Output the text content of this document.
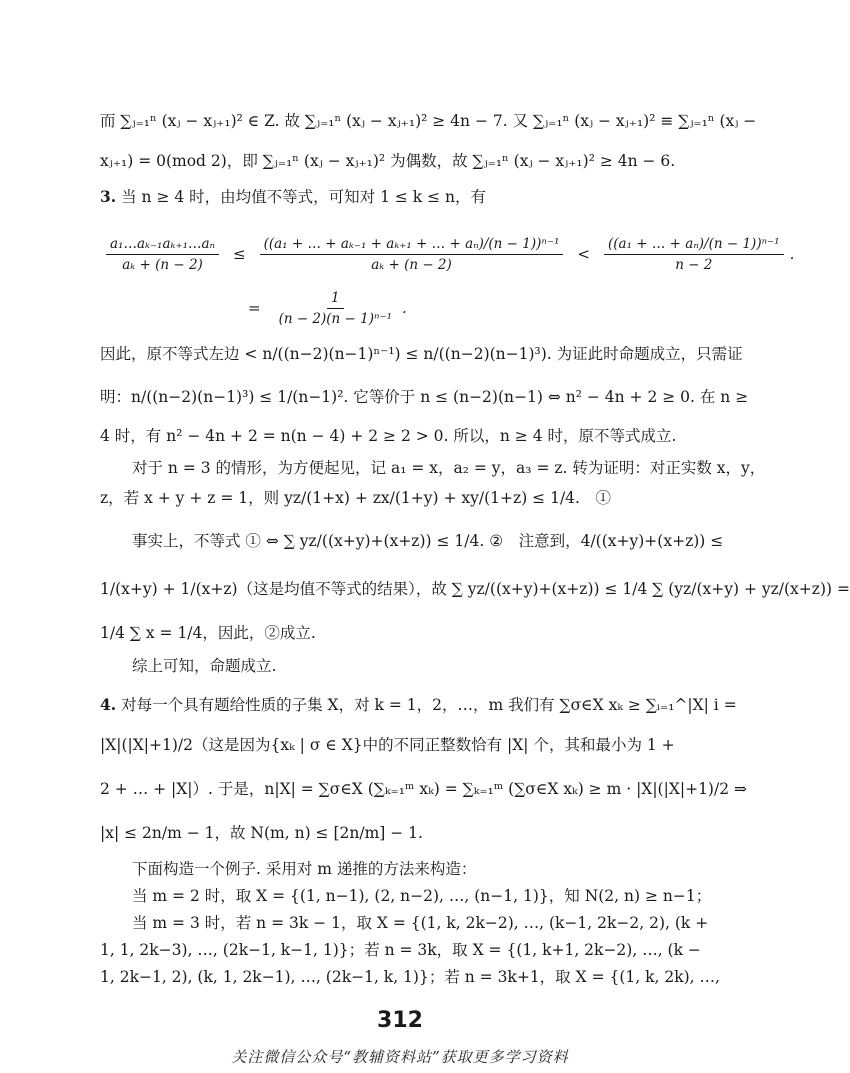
而 ∑ⱼ₌₁ⁿ (xⱼ − xⱼ₊₁)² ∈ Z. 故 ∑ⱼ₌₁ⁿ (xⱼ − xⱼ₊₁)² ≥ 4n − 7. 又 ∑ⱼ₌₁ⁿ (xⱼ − xⱼ₊₁)² ≡ ∑ⱼ₌₁ⁿ (xⱼ −
xⱼ₊₁) = 0(mod 2)，即 ∑ⱼ₌₁ⁿ (xⱼ − xⱼ₊₁)² 为偶数，故 ∑ⱼ₌₁ⁿ (xⱼ − xⱼ₊₁)² ≥ 4n − 6.
3. 当 n ≥ 4 时，由均值不等式，可知对 1 ≤ k ≤ n，有
$\frac{\text{a₁…aₖ₋₁aₖ₊₁…aₙ}}{\text{aₖ + (n − 2)}} \le \frac{\text{((a₁ + … + aₖ₋₁ + aₖ₊₁ + … + aₙ)/(n − 1))ⁿ⁻¹}}{\text{aₖ + (n − 2)}} < \frac{\text{((a₁ + … + aₙ)/(n − 1))ⁿ⁻¹}}{n - 2}$ .
= $\frac{1}{\text{(n − 2)(n − 1)ⁿ⁻¹}}$ .
因此，原不等式左边 < n/((n−2)(n−1)ⁿ⁻¹) ≤ n/((n−2)(n−1)³). 为证此时命题成立，只需证
明：n/((n−2)(n−1)³) ≤ 1/(n−1)². 它等价于 n ≤ (n−2)(n−1) ⇔ n² − 4n + 2 ≥ 0. 在 n ≥
4 时，有 n² − 4n + 2 = n(n − 4) + 2 ≥ 2 > 0. 所以，n ≥ 4 时，原不等式成立.
对于 n = 3 的情形，为方便起见，记 a₁ = x，a₂ = y，a₃ = z. 转为证明：对正实数 x，y，
z，若 x + y + z = 1，则 yz/(1+x) + zx/(1+y) + xy/(1+z) ≤ 1/4.　①
事实上，不等式 ① ⇔ ∑ yz/((x+y)+(x+z)) ≤ 1/4. ②　注意到，4/((x+y)+(x+z)) ≤
1/(x+y) + 1/(x+z)（这是均值不等式的结果），故 ∑ yz/((x+y)+(x+z)) ≤ 1/4 ∑ (yz/(x+y) + yz/(x+z)) =
1/4 ∑ x = 1/4，因此，②成立.
综上可知，命题成立.
4. 对每一个具有题给性质的子集 X，对 k = 1，2，…，m 我们有 ∑σ∈X xₖ ≥ ∑ᵢ₌₁^|X| i =
|X|(|X|+1)/2（这是因为{xₖ | σ ∈ X}中的不同正整数恰有 |X| 个，其和最小为 1 +
2 + … + |X|）. 于是，n|X| = ∑σ∈X (∑ₖ₌₁ᵐ xₖ) = ∑ₖ₌₁ᵐ (∑σ∈X xₖ) ≥ m · |X|(|X|+1)/2 ⇒
|x| ≤ 2n/m − 1，故 N(m, n) ≤ [2n/m] − 1.
下面构造一个例子. 采用对 m 递推的方法来构造：
当 m = 2 时，取 X = {(1, n−1), (2, n−2), …, (n−1, 1)}，知 N(2, n) ≥ n−1；
当 m = 3 时，若 n = 3k − 1，取 X = {(1, k, 2k−2), …, (k−1, 2k−2, 2), (k +
1, 1, 2k−3), …, (2k−1, k−1, 1)}；若 n = 3k，取 X = {(1, k+1, 2k−2), …, (k −
1, 2k−1, 2), (k, 1, 2k−1), …, (2k−1, k, 1)}；若 n = 3k+1，取 X = {(1, k, 2k), …,
312
关注微信公众号“教辅资料站”获取更多学习资料
